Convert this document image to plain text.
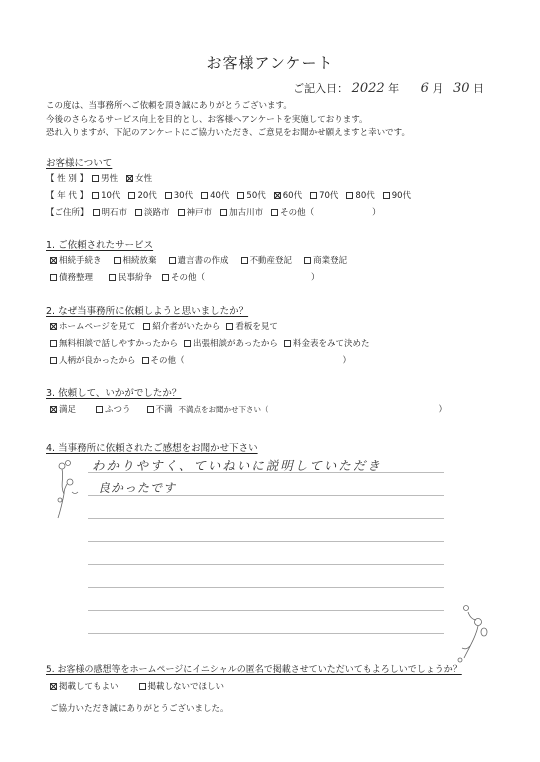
お客様アンケート
ご記入日： 2022 年 6 月 30 日
この度は、当事務所へご依頼を頂き誠にありがとうございます。
今後のさらなるサービス向上を目的とし、お客様へアンケートを実施しております。
恐れ入りますが、下記のアンケートにご協力いただき、ご意見をお聞かせ願えますと幸いです。
お客様について
【 性 別 】 男性 女性
【 年 代 】 10代 20代 30代 40代 50代 60代 70代 80代 90代
【ご住所】 明石市 淡路市 神戸市 加古川市 その他（	）
1. ご依頼されたサービス
相続手続き 相続放棄 遺言書の作成 不動産登記 商業登記
債務整理	民事紛争 その他（	）
2. なぜ当事務所に依頼しようと思いましたか？
ホームページを見て 紹介者がいたから 看板を見て
無料相談で話しやすかったから 出張相談があったから 料金表をみて決めた
人柄が良かったから その他（	）
3. 依頼して、いかがでしたか？
満足	ふつう	不満 不満点をお聞かせ下さい（	）
4. 当事務所に依頼されたご感想をお聞かせ下さい
わかりやすく、ていねいに説明していただき
良かったです
5. お客様の感想等をホームページにイニシャルの匿名で掲載させていただいてもよろしいでしょうか？
掲載してもよい	掲載しないでほしい
ご協力いただき誠にありがとうございました。
